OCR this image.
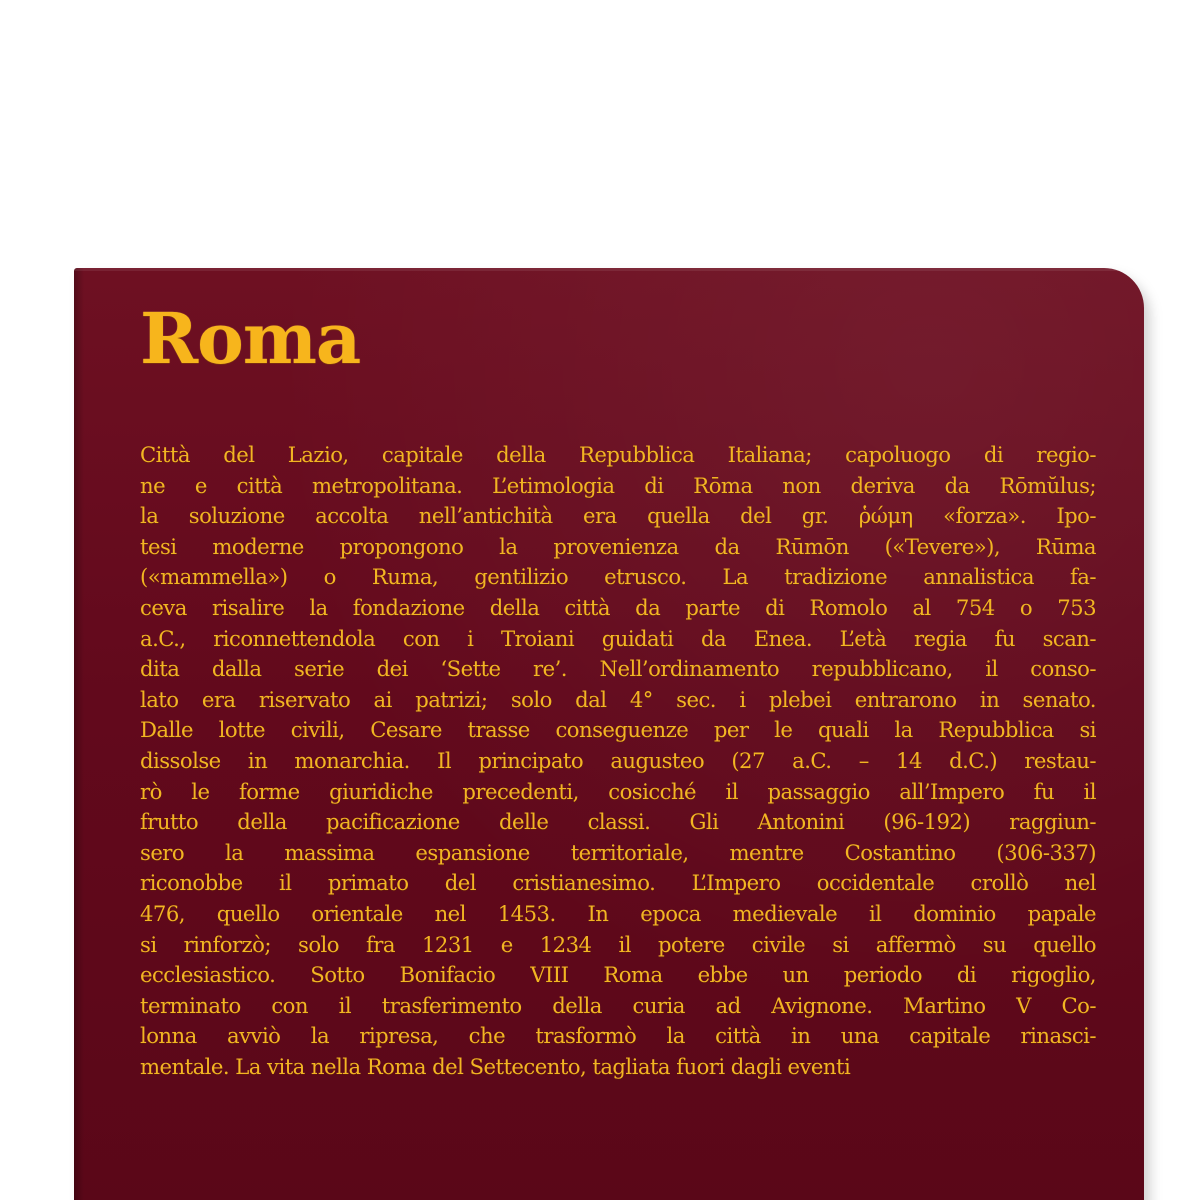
Roma

Città del Lazio, capitale della Repubblica Italiana; capoluogo di regio-
ne e città metropolitana. L’etimologia di Rōma non deriva da Rōmŭlus;
la soluzione accolta nell’antichità era quella del gr. ῥώμη «forza». Ipo-
tesi moderne propongono la provenienza da Rūmōn («Tevere»), Rūma
(«mammella») o Ruma, gentilizio etrusco. La tradizione annalistica fa-
ceva risalire la fondazione della città da parte di Romolo al 754 o 753
a.C., riconnettendola con i Troiani guidati da Enea. L’età regia fu scan-
dita dalla serie dei ‘Sette re’. Nell’ordinamento repubblicano, il conso-
lato era riservato ai patrizi; solo dal 4° sec. i plebei entrarono in senato.
Dalle lotte civili, Cesare trasse conseguenze per le quali la Repubblica si
dissolse in monarchia. Il principato augusteo (27 a.C. – 14 d.C.) restau-
rò le forme giuridiche precedenti, cosicché il passaggio all’Impero fu il
frutto della pacificazione delle classi. Gli Antonini (96-192) raggiun-
sero la massima espansione territoriale, mentre Costantino (306-337)
riconobbe il primato del cristianesimo. L’Impero occidentale crollò nel
476, quello orientale nel 1453. In epoca medievale il dominio papale
si rinforzò; solo fra 1231 e 1234 il potere civile si affermò su quello
ecclesiastico. Sotto Bonifacio VIII Roma ebbe un periodo di rigoglio,
terminato con il trasferimento della curia ad Avignone. Martino V Co-
lonna avviò la ripresa, che trasformò la città in una capitale rinasci-
mentale. La vita nella Roma del Settecento, tagliata fuori dagli eventi
